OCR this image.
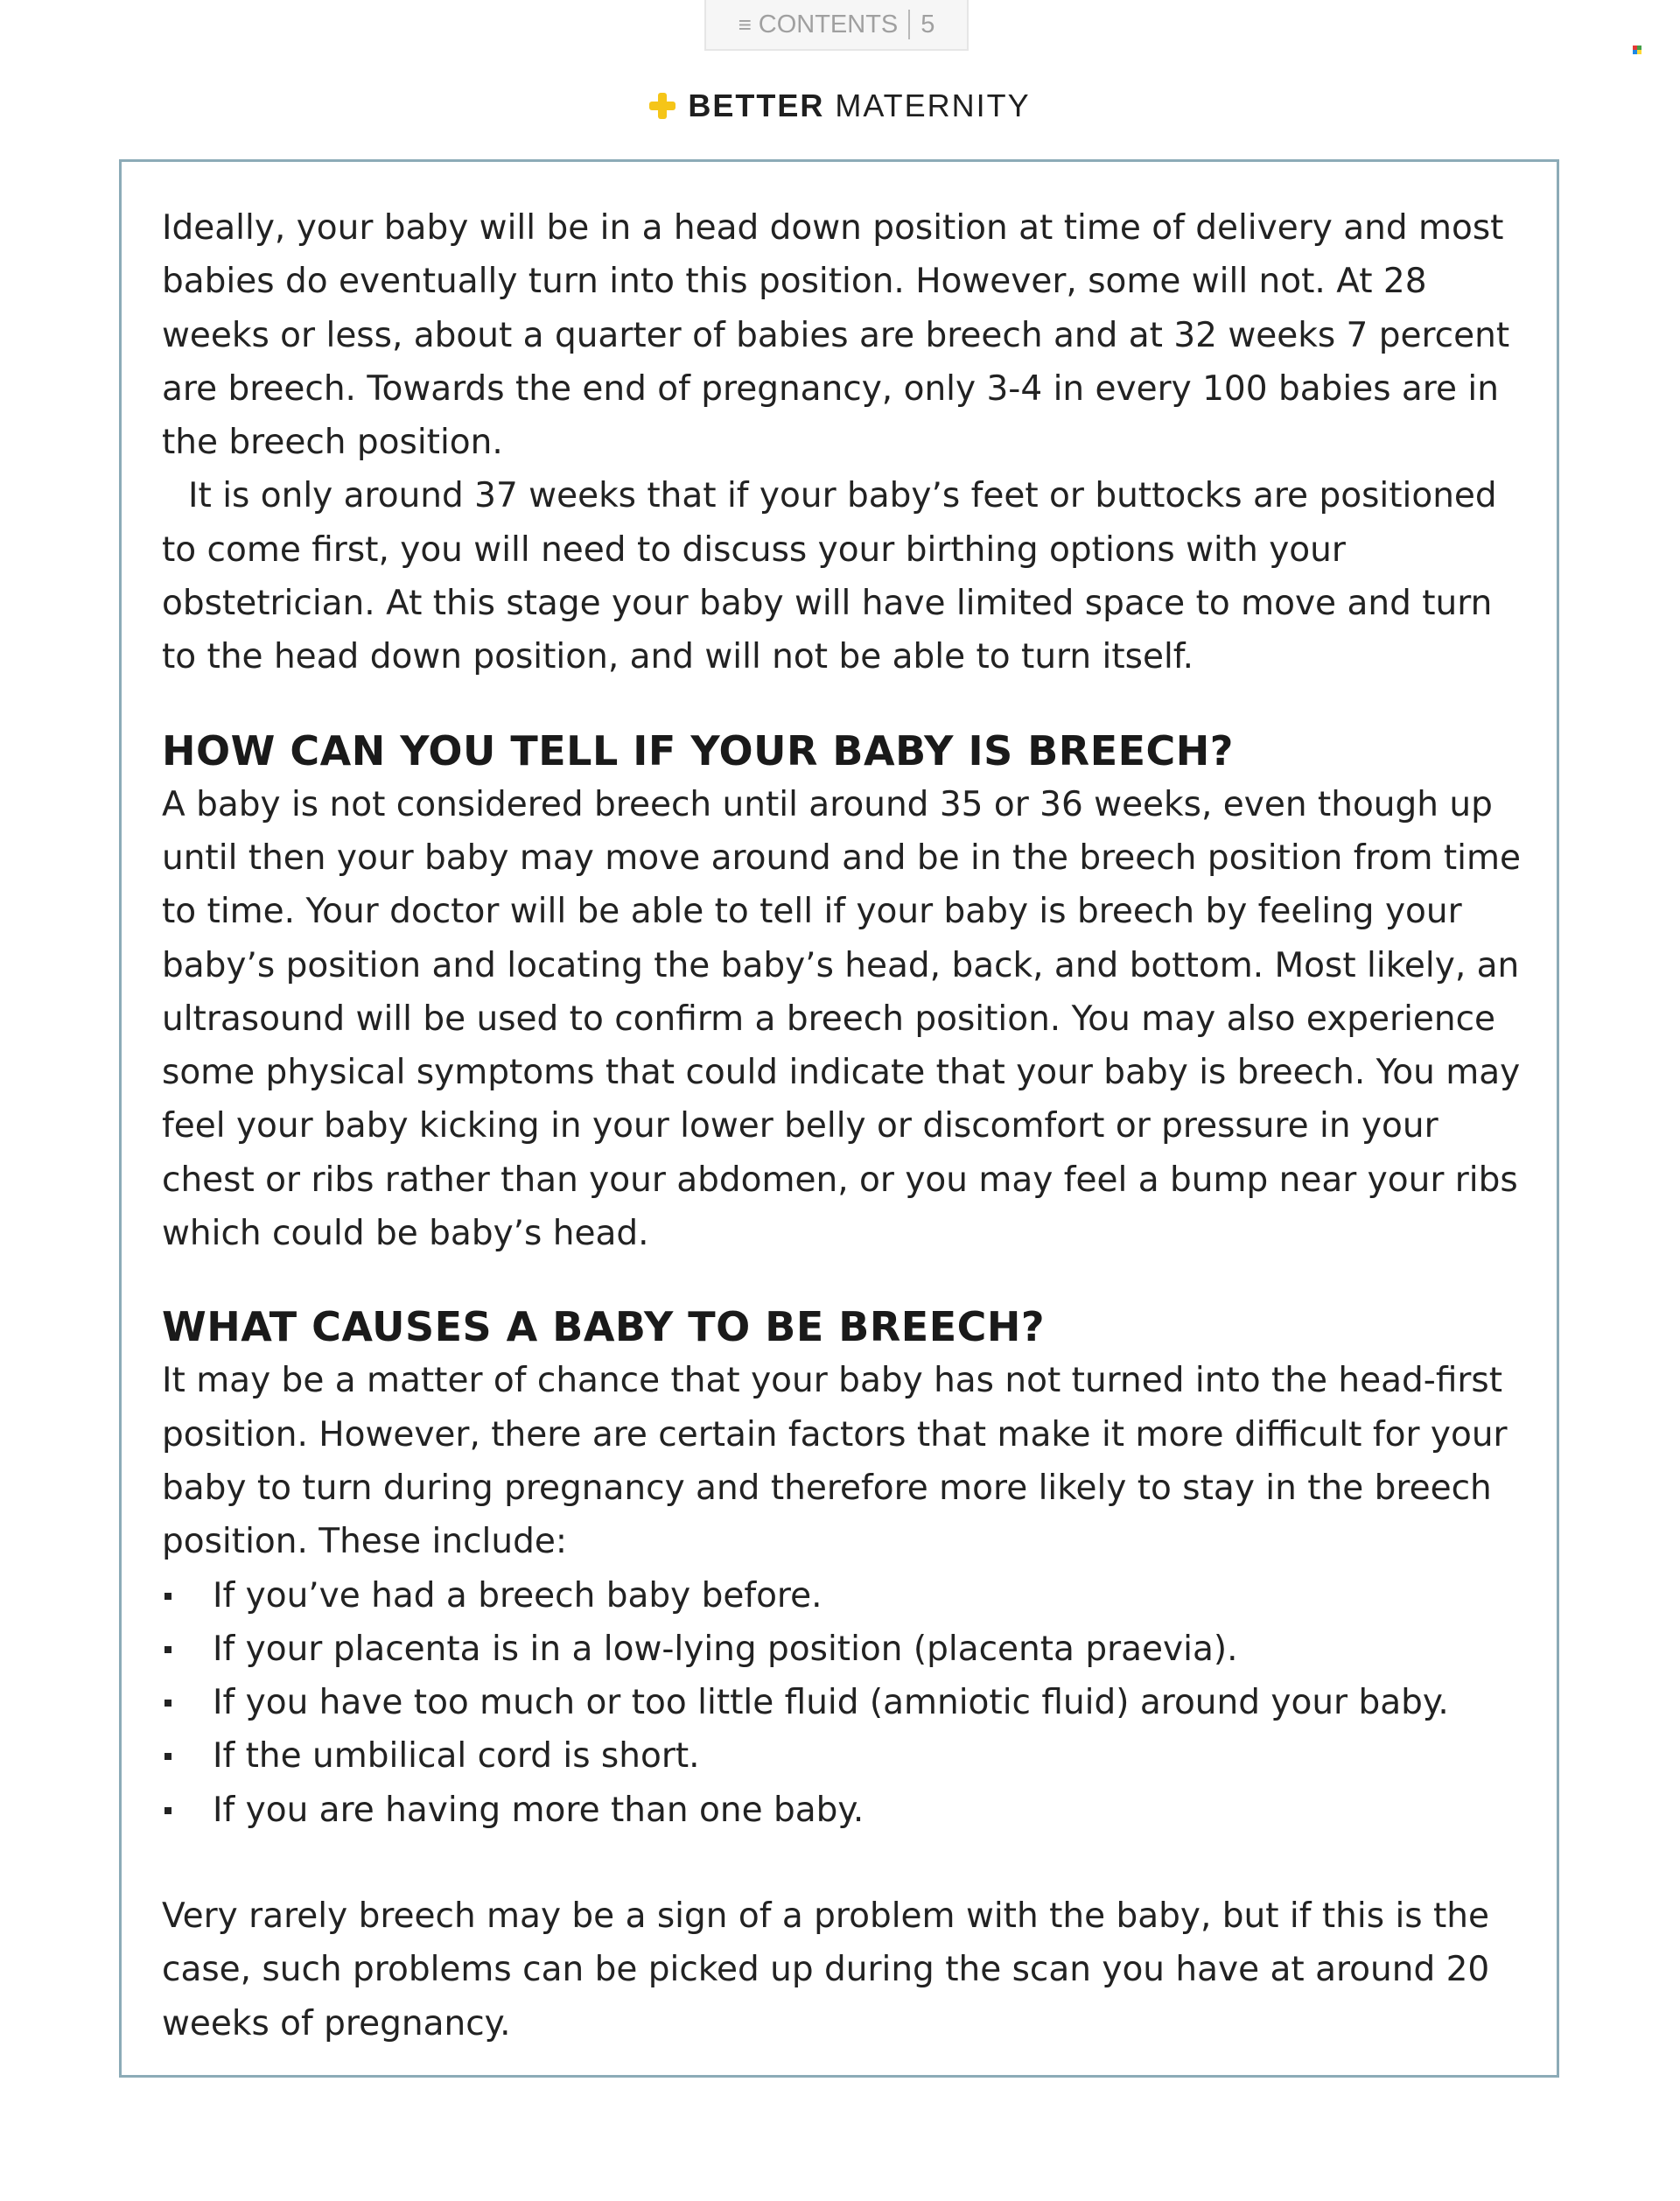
≡ CONTENTS 5
BETTER MATERNITY

Ideally, your baby will be in a head down position at time of delivery and most babies do eventually turn into this position. However, some will not. At 28 weeks or less, about a quarter of babies are breech and at 32 weeks 7 percent are breech. Towards the end of pregnancy, only 3-4 in every 100 babies are in the breech position.

It is only around 37 weeks that if your baby’s feet or buttocks are positioned to come first, you will need to discuss your birthing options with your obstetrician. At this stage your baby will have limited space to move and turn to the head down position, and will not be able to turn itself.

HOW CAN YOU TELL IF YOUR BABY IS BREECH?

A baby is not considered breech until around 35 or 36 weeks, even though up until then your baby may move around and be in the breech position from time to time. Your doctor will be able to tell if your baby is breech by feeling your baby’s position and locating the baby’s head, back, and bottom. Most likely, an ultrasound will be used to confirm a breech position. You may also experience some physical symptoms that could indicate that your baby is breech. You may feel your baby kicking in your lower belly or discomfort or pressure in your chest or ribs rather than your abdomen, or you may feel a bump near your ribs which could be baby’s head.

WHAT CAUSES A BABY TO BE BREECH?

It may be a matter of chance that your baby has not turned into the head-first position. However, there are certain factors that make it more difficult for your baby to turn during pregnancy and therefore more likely to stay in the breech position. These include:

If you’ve had a breech baby before.
If your placenta is in a low-lying position (placenta praevia).
If you have too much or too little fluid (amniotic fluid) around your baby.
If the umbilical cord is short.
If you are having more than one baby.

Very rarely breech may be a sign of a problem with the baby, but if this is the case, such problems can be picked up during the scan you have at around 20 weeks of pregnancy.
